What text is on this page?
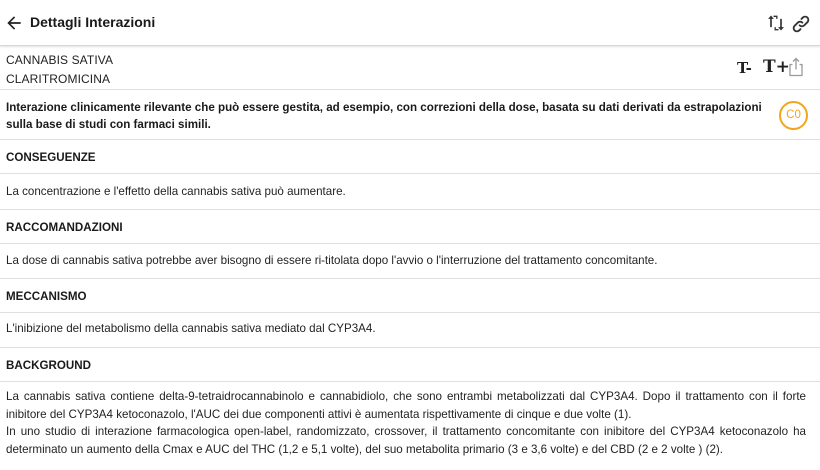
Dettagli Interazioni
CANNABIS SATIVA
CLARITROMICINA
T- T+
Interazione clinicamente rilevante che può essere gestita, ad esempio, con correzioni della dose, basata su dati derivati da estrapolazioni sulla base di studi con farmaci simili.
C0
CONSEGUENZE

La concentrazione e l'effetto della cannabis sativa può aumentare.

RACCOMANDAZIONI

La dose di cannabis sativa potrebbe aver bisogno di essere ri-titolata dopo l'avvio o l'interruzione del trattamento concomitante.

MECCANISMO

L'inibizione del metabolismo della cannabis sativa mediato dal CYP3A4.

BACKGROUND
La cannabis sativa contiene delta-9-tetraidrocannabinolo e cannabidiolo, che sono entrambi metabolizzati dal CYP3A4. Dopo il trattamento con il forte inibitore del CYP3A4 ketoconazolo, l'AUC dei due componenti attivi è aumentata rispettivamente di cinque e due volte (1).
In uno studio di interazione farmacologica open-label, randomizzato, crossover, il trattamento concomitante con inibitore del CYP3A4 ketoconazolo ha determinato un aumento della Cmax e AUC del THC (1,2 e 5,1 volte), del suo metabolita primario (3 e 3,6 volte) e del CBD (2 e 2 volte ) (2).
